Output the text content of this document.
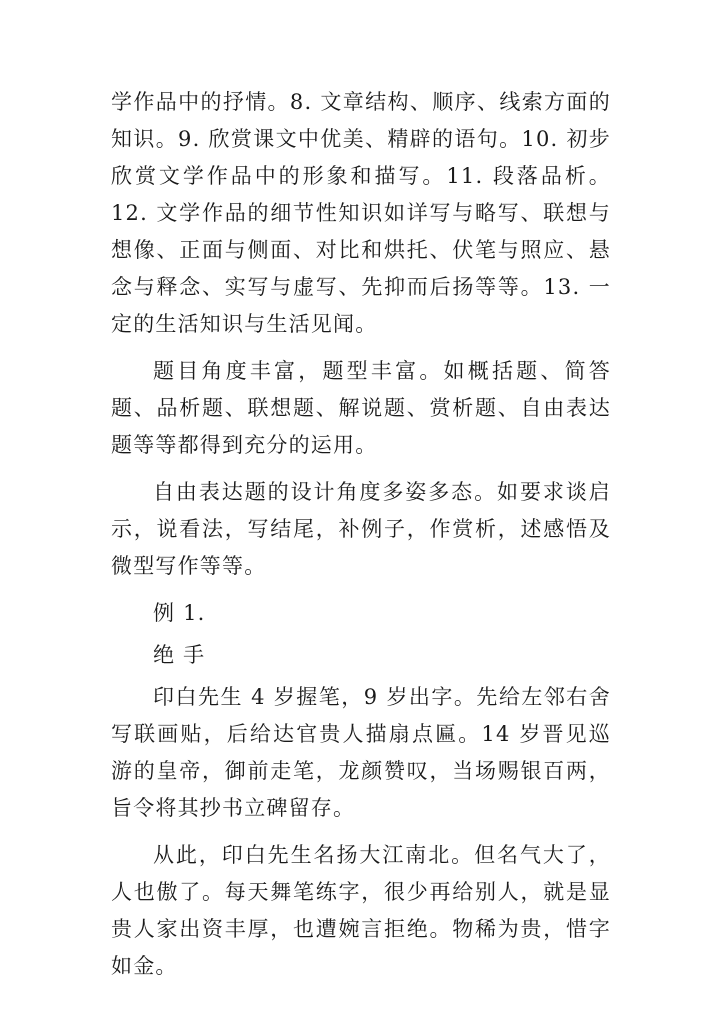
学作品中的抒情。8. 文章结构、顺序、线索方面的知识。9. 欣赏课文中优美、精辟的语句。10. 初步欣赏文学作品中的形象和描写。11. 段落品析。12. 文学作品的细节性知识如详写与略写、联想与想像、正面与侧面、对比和烘托、伏笔与照应、悬念与释念、实写与虚写、先抑而后扬等等。13. 一定的生活知识与生活见闻。

题目角度丰富，题型丰富。如概括题、简答题、品析题、联想题、解说题、赏析题、自由表达题等等都得到充分的运用。

自由表达题的设计角度多姿多态。如要求谈启示，说看法，写结尾，补例子，作赏析，述感悟及微型写作等等。

例 1.

绝 手

印白先生 4 岁握笔，9 岁出字。先给左邻右舍写联画贴，后给达官贵人描扇点匾。14 岁晋见巡游的皇帝，御前走笔，龙颜赞叹，当场赐银百两，旨令将其抄书立碑留存。

从此，印白先生名扬大江南北。但名气大了，人也傲了。每天舞笔练字，很少再给别人，就是显贵人家出资丰厚，也遭婉言拒绝。物稀为贵，惜字如金。
